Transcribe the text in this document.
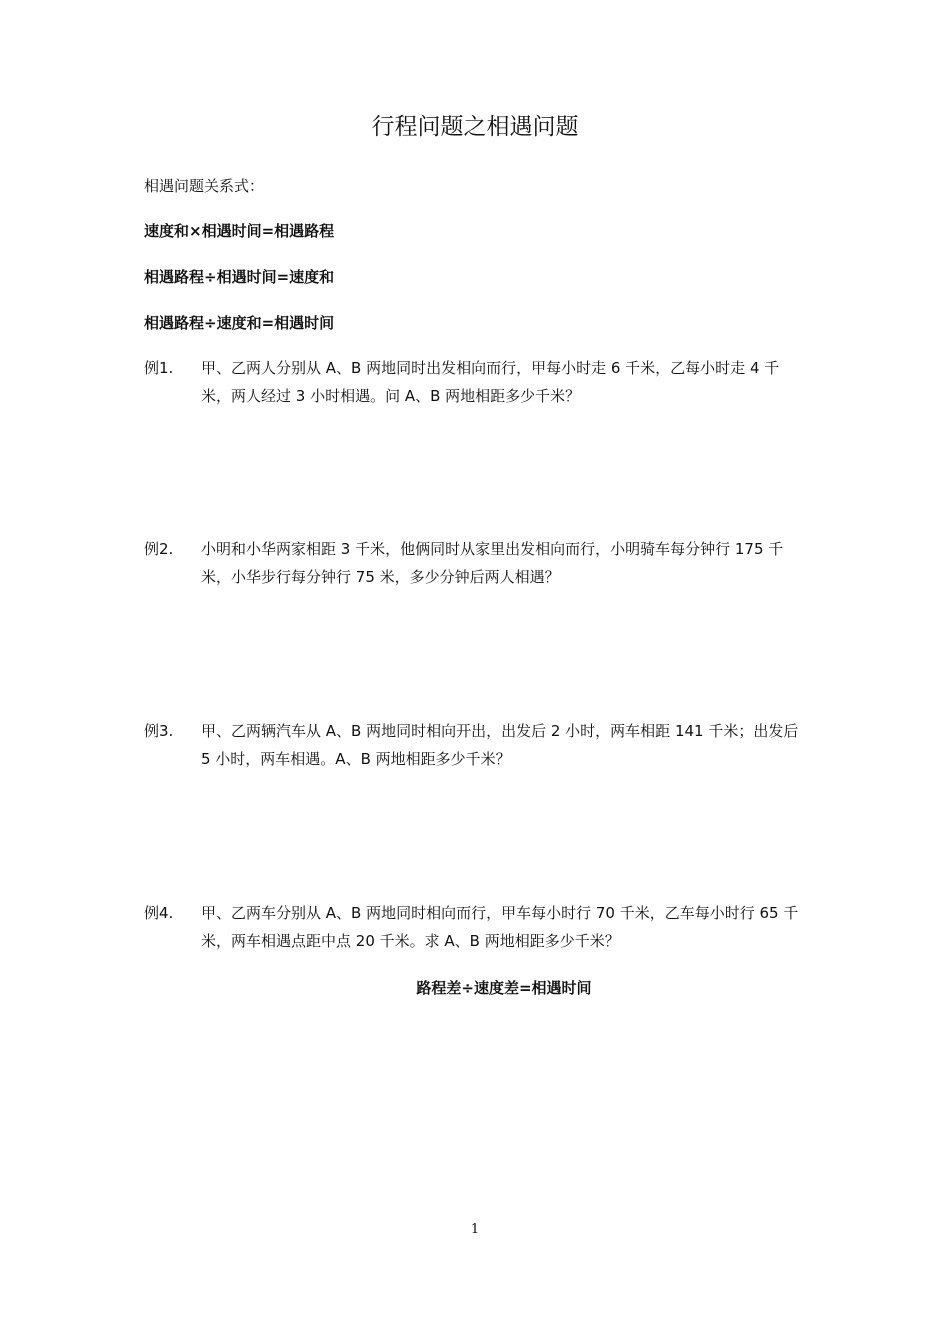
行程问题之相遇问题
相遇问题关系式：
速度和×相遇时间=相遇路程
相遇路程÷相遇时间=速度和
相遇路程÷速度和=相遇时间
例1.	甲、乙两人分别从 A、B 两地同时出发相向而行，甲每小时走 6 千米，乙每小时走 4 千米，两人经过 3 小时相遇。问 A、B 两地相距多少千米？
例2.	小明和小华两家相距 3 千米，他俩同时从家里出发相向而行，小明骑车每分钟行 175 千米，小华步行每分钟行 75 米，多少分钟后两人相遇？
例3.	甲、乙两辆汽车从 A、B 两地同时相向开出，出发后 2 小时，两车相距 141 千米；出发后 5 小时，两车相遇。A、B 两地相距多少千米？
例4.	甲、乙两车分别从 A、B 两地同时相向而行，甲车每小时行 70 千米，乙车每小时行 65 千米，两车相遇点距中点 20 千米。求 A、B 两地相距多少千米？
路程差÷速度差=相遇时间
1
